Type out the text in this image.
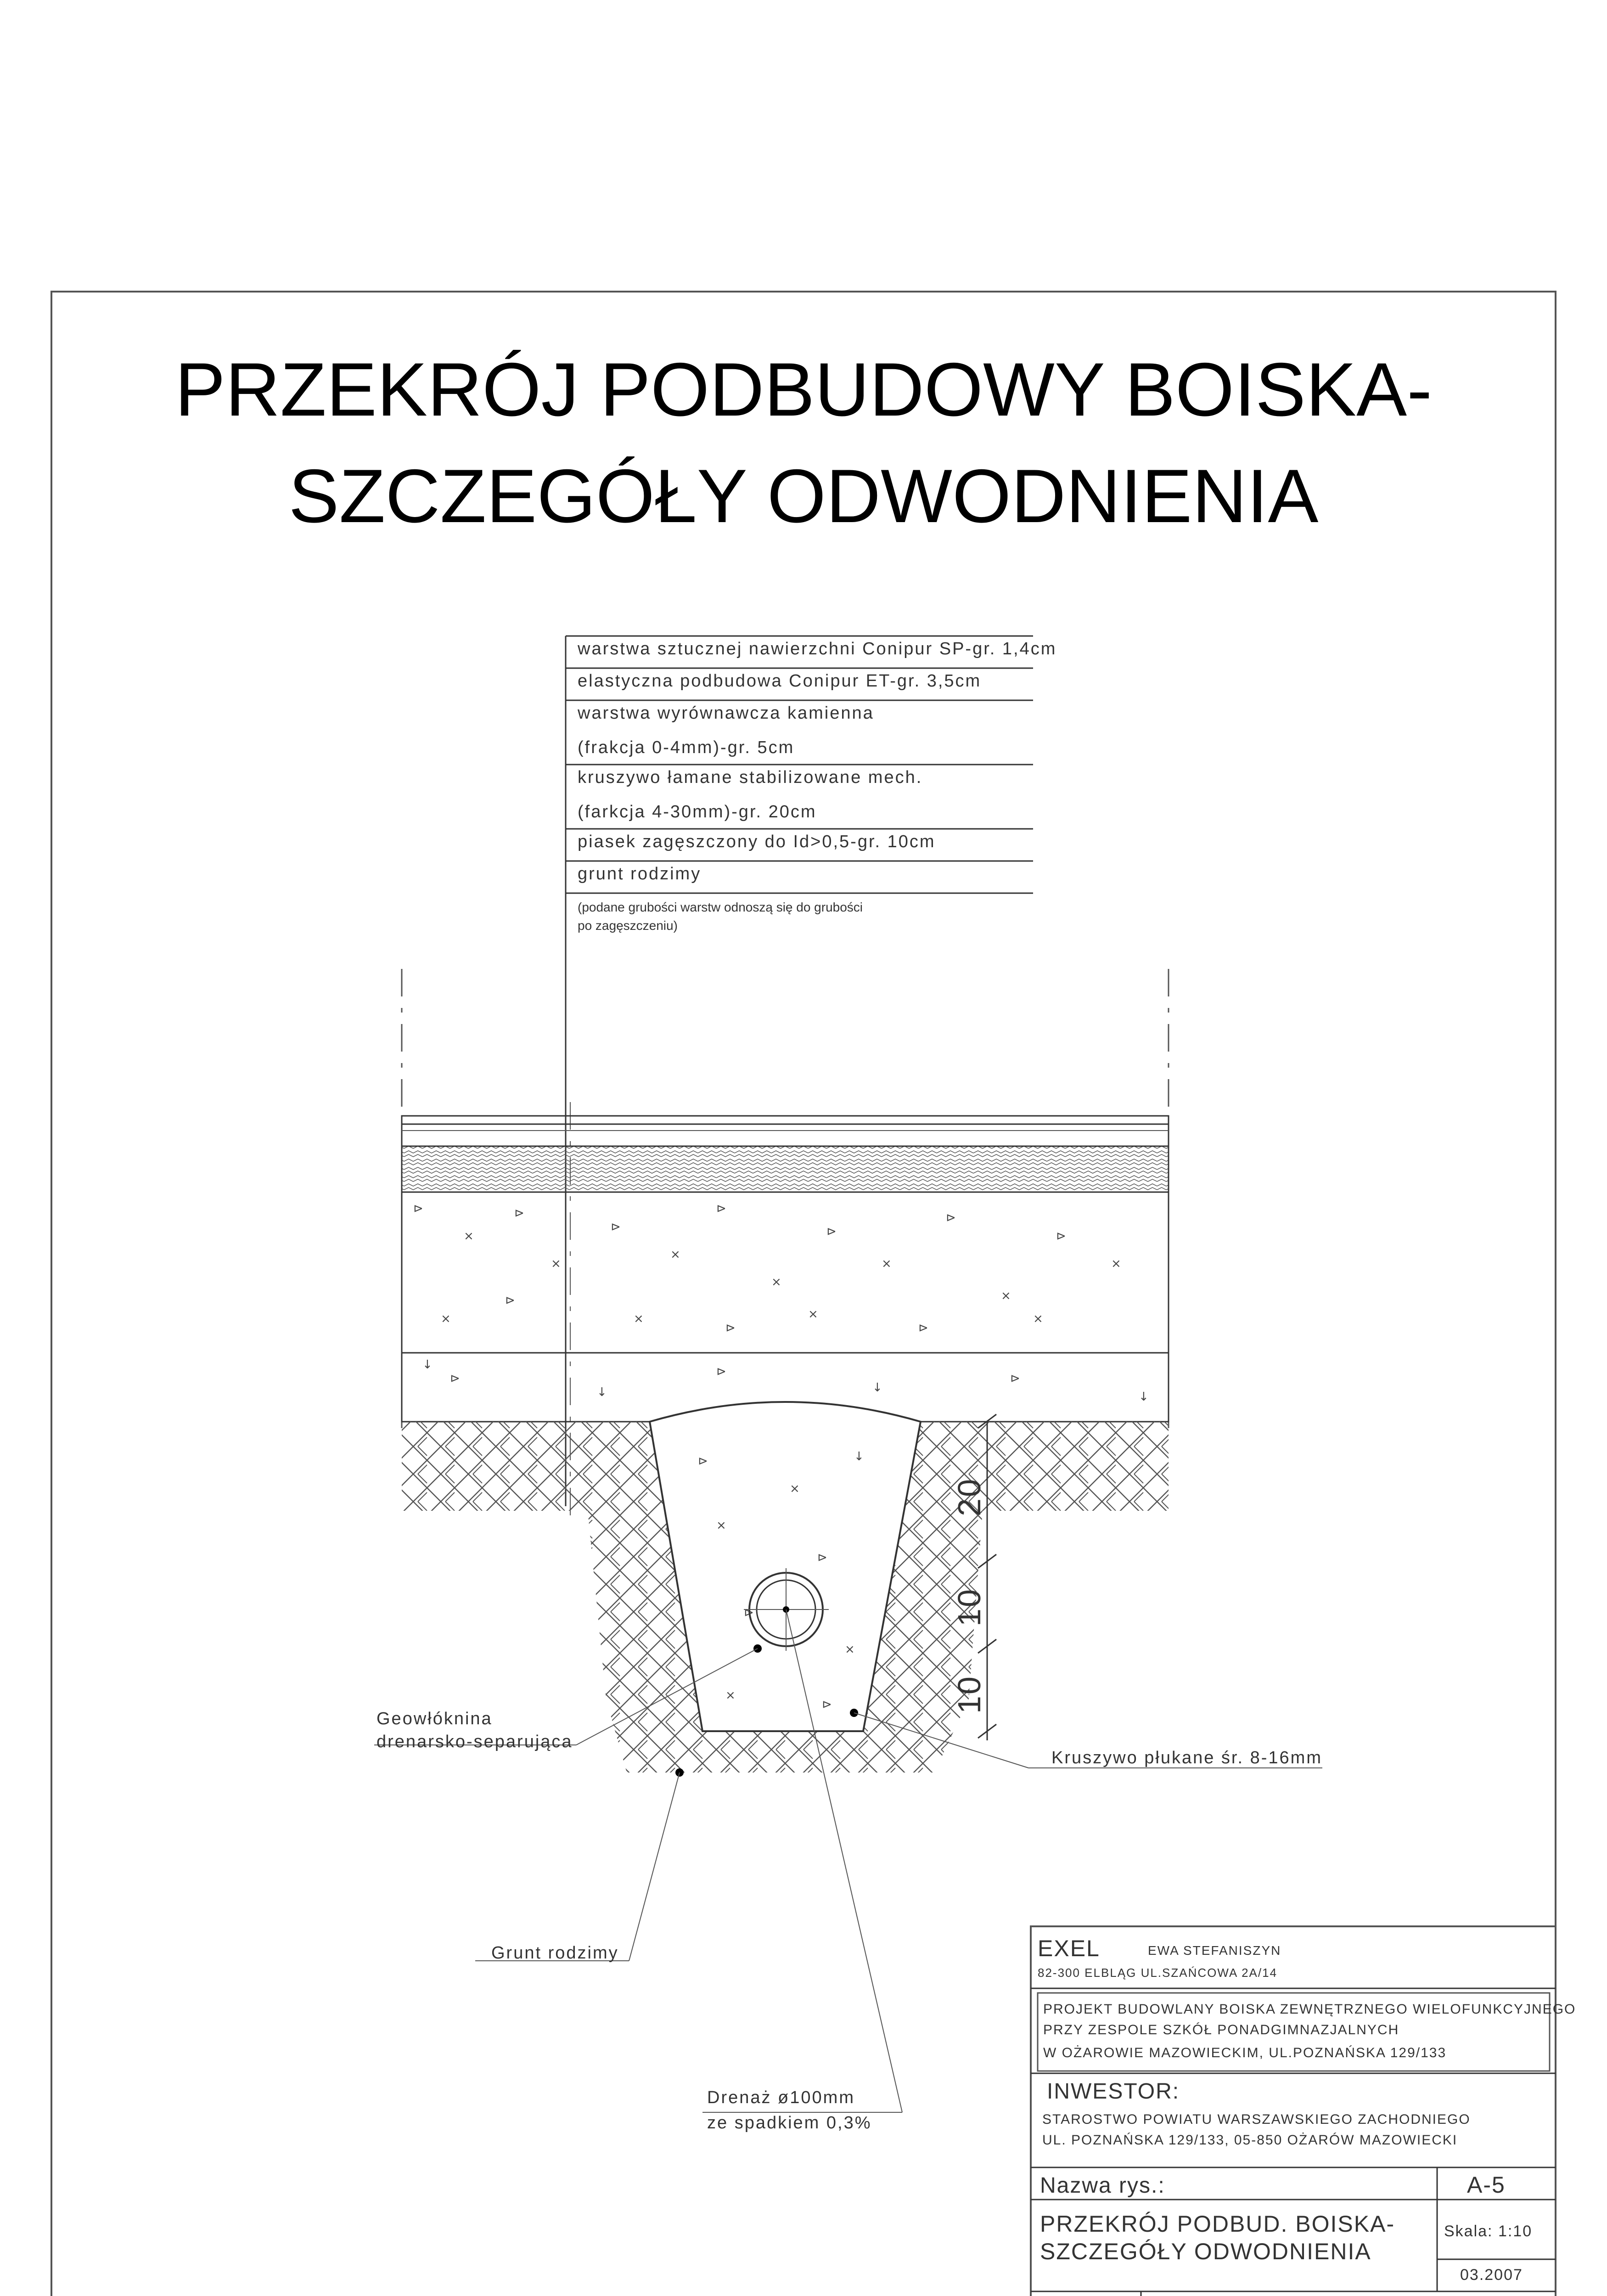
PRZEKRÓJ PODBUDOWY BOISKA-
SZCZEGÓŁY ODWODNIENIA
warstwa sztucznej nawierzchni Conipur SP-gr. 1,4cm
elastyczna podbudowa Conipur ET-gr. 3,5cm
warstwa wyrównawcza kamienna
(frakcja 0-4mm)-gr. 5cm
kruszywo łamane stabilizowane mech.
(farkcja 4-30mm)-gr. 20cm
piasek zagęszczony do Id>0,5-gr. 10cm
grunt rodzimy
(podane grubości warstw odnoszą się do grubości
po zagęszczeniu)
⊳
×
⊳
×
⊳
×
⊳
×
⊳
×
⊳
×
⊳
×
×
⊳
×
⊳
×
⊳
×
↓
⊳
↓
⊳
↓
⊳
↓
⊳
×
↓
×
⊳
⊳
×
×
⊳
20
10
10
Geowłóknina
drenarsko-separująca
Kruszywo płukane śr. 8-16mm
Grunt rodzimy
Drenaż ø100mm
ze spadkiem 0,3%
EXEL	EWA STEFANISZYN
82-300 ELBLĄG UL.SZAŃCOWA 2A/14
PROJEKT BUDOWLANY BOISKA ZEWNĘTRZNEGO WIELOFUNKCYJNEGO
PRZY ZESPOLE SZKÓŁ PONADGIMNAZJALNYCH
W OŻAROWIE MAZOWIECKIM, UL.POZNAŃSKA 129/133
INWESTOR:
STAROSTWO POWIATU WARSZAWSKIEGO ZACHODNIEGO
UL. POZNAŃSKA 129/133, 05-850 OŻARÓW MAZOWIECKI
Nazwa rys.:	A-5
PRZEKRÓJ PODBUD. BOISKA-
SZCZEGÓŁY ODWODNIENIA
Skala: 1:10
03.2007
